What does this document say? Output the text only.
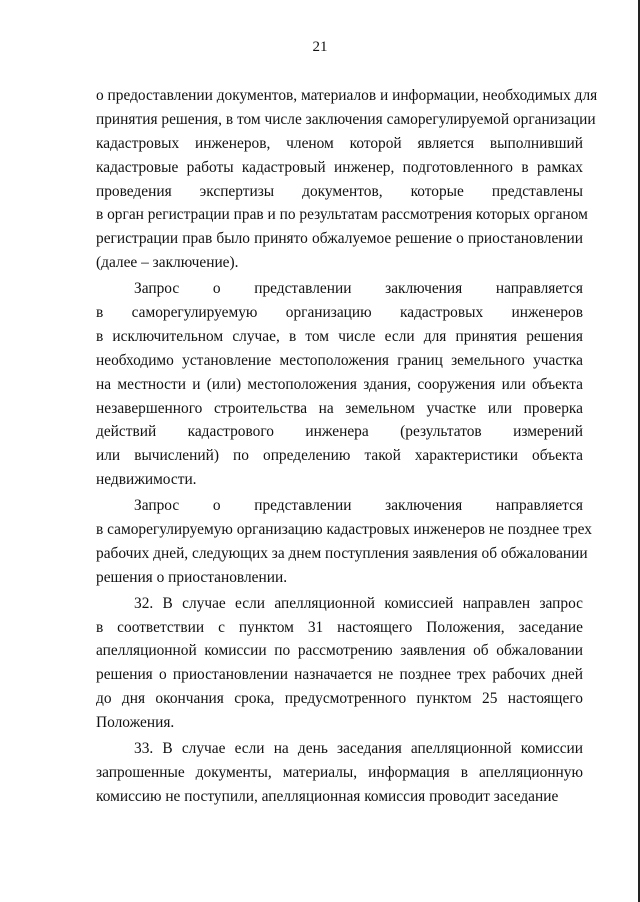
21
о предоставлении документов, материалов и информации, необходимых для
принятия решения, в том числе заключения саморегулируемой организации
кадастровых инженеров, членом которой является выполнивший
кадастровые работы кадастровый инженер, подготовленного в рамках
проведения экспертизы документов, которые представлены
в орган регистрации прав и по результатам рассмотрения которых органом
регистрации прав было принято обжалуемое решение о приостановлении
(далее – заключение).
Запрос о представлении заключения направляется
в саморегулируемую организацию кадастровых инженеров
в исключительном случае, в том числе если для принятия решения
необходимо установление местоположения границ земельного участка
на местности и (или) местоположения здания, сооружения или объекта
незавершенного строительства на земельном участке или проверка
действий кадастрового инженера (результатов измерений
или вычислений) по определению такой характеристики объекта
недвижимости.
Запрос о представлении заключения направляется
в саморегулируемую организацию кадастровых инженеров не позднее трех
рабочих дней, следующих за днем поступления заявления об обжаловании
решения о приостановлении.
32. В случае если апелляционной комиссией направлен запрос
в соответствии с пунктом 31 настоящего Положения, заседание
апелляционной комиссии по рассмотрению заявления об обжаловании
решения о приостановлении назначается не позднее трех рабочих дней
до дня окончания срока, предусмотренного пунктом 25 настоящего
Положения.
33. В случае если на день заседания апелляционной комиссии
запрошенные документы, материалы, информация в апелляционную
комиссию не поступили, апелляционная комиссия проводит заседание
